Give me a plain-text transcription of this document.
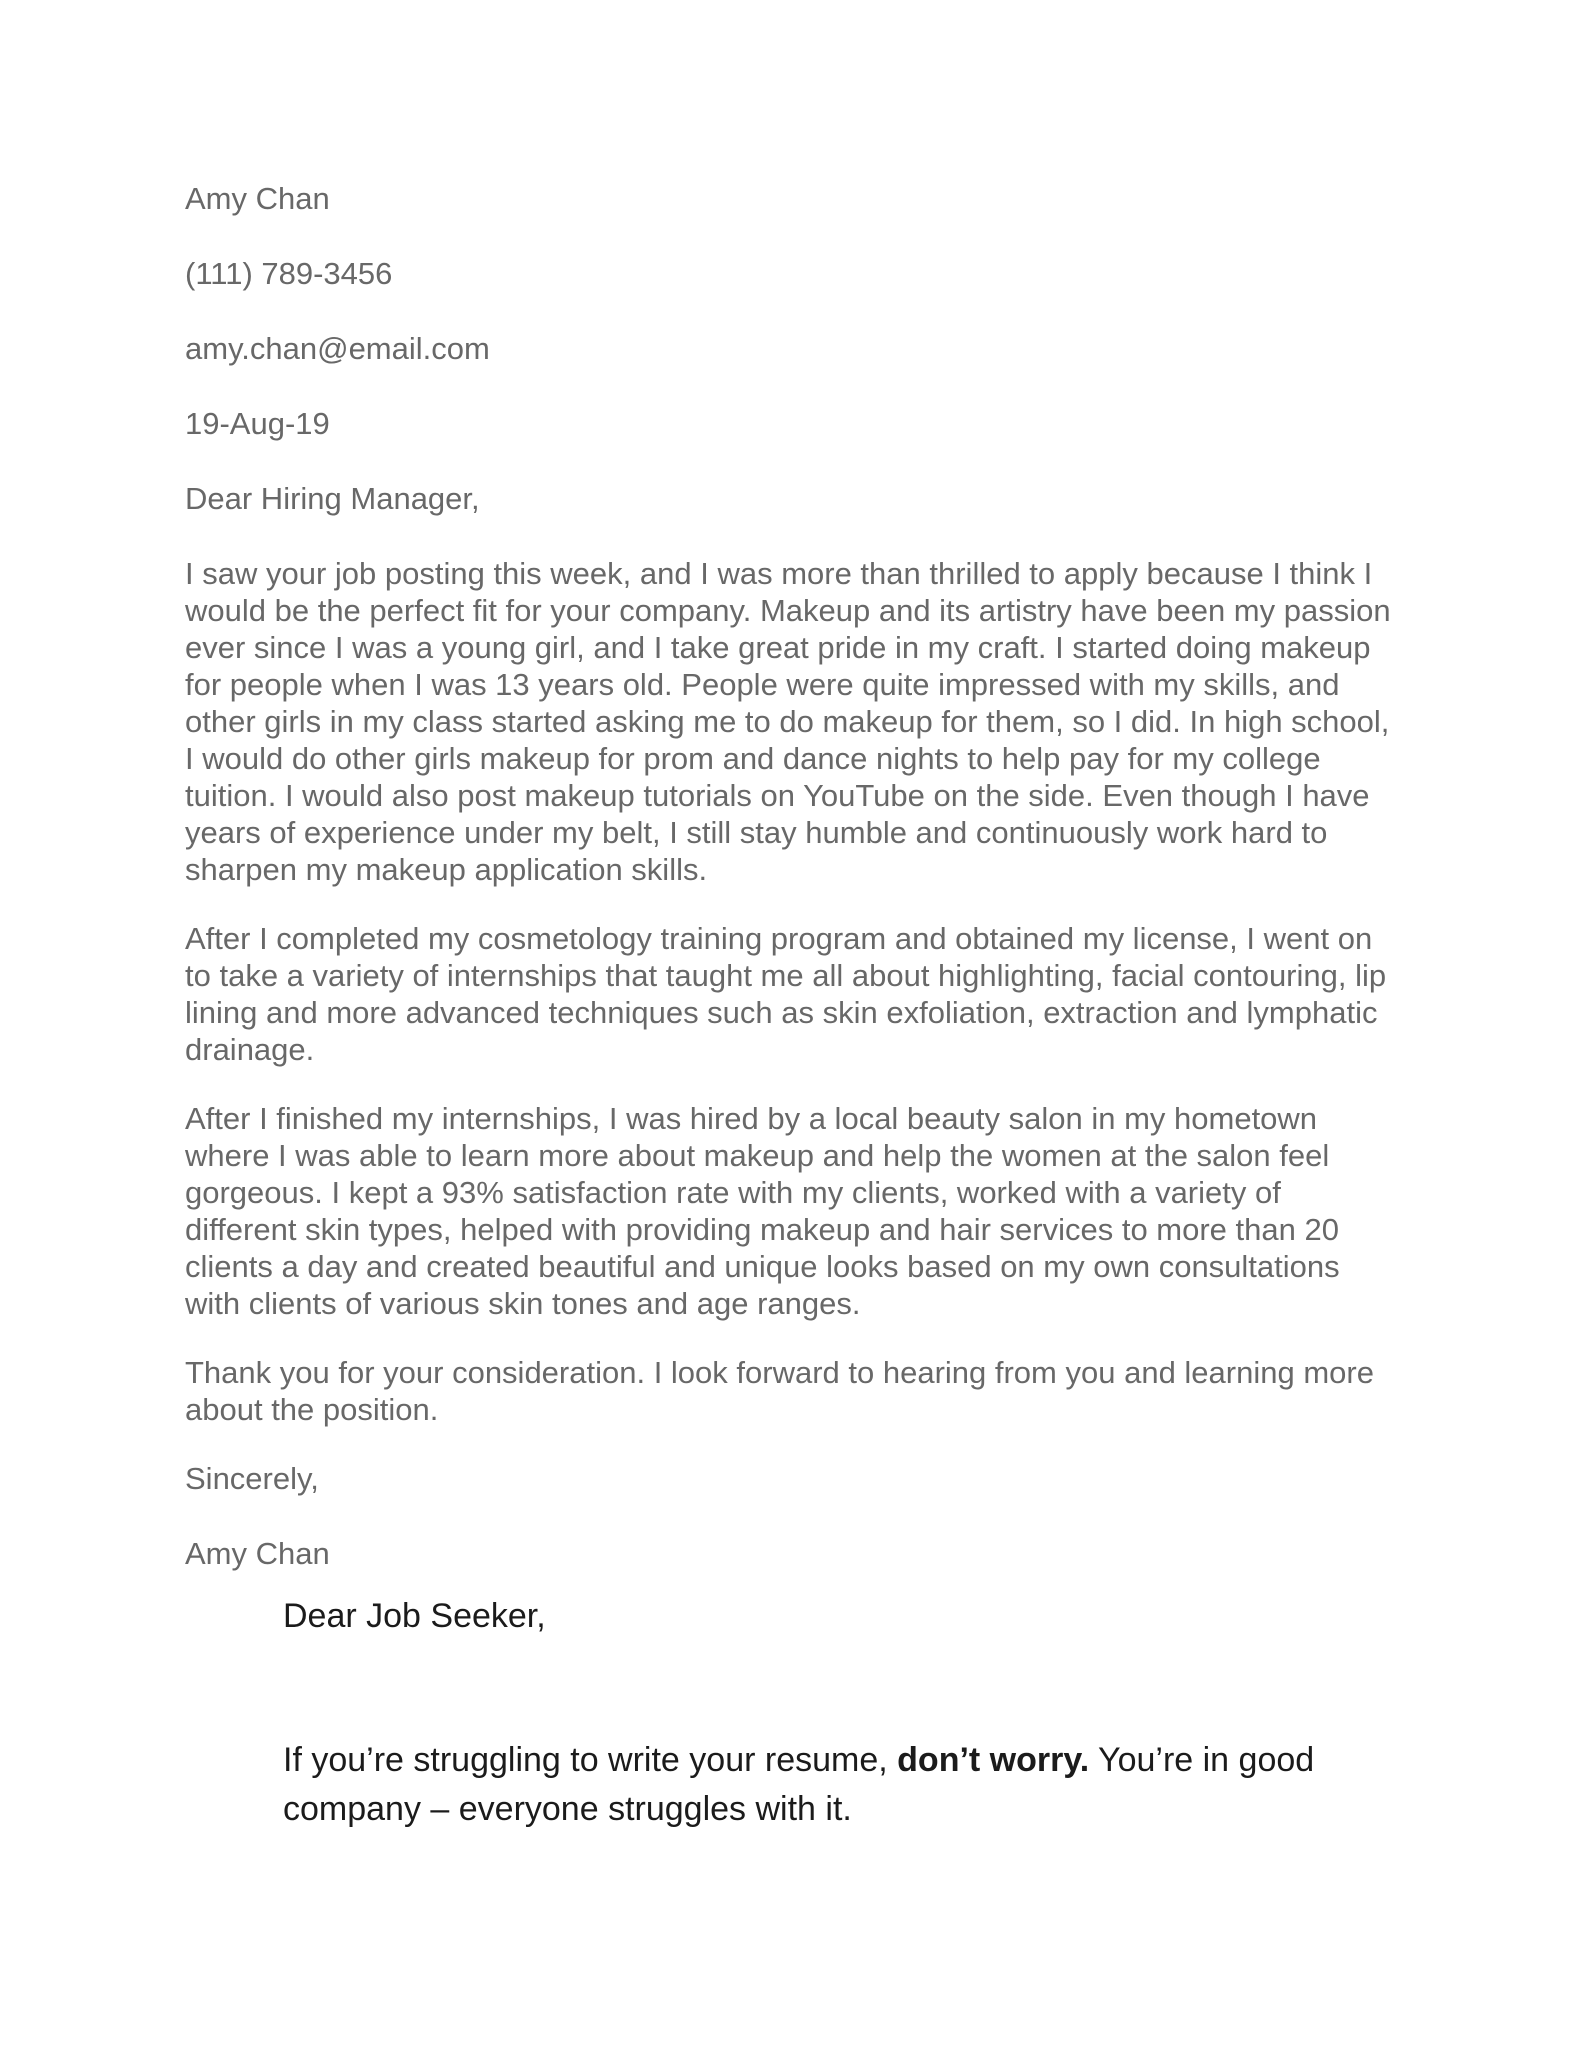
Amy Chan

(111) 789-3456

amy.chan@email.com

19-Aug-19

Dear Hiring Manager,

I saw your job posting this week, and I was more than thrilled to apply because I think I would be the perfect fit for your company. Makeup and its artistry have been my passion ever since I was a young girl, and I take great pride in my craft. I started doing makeup for people when I was 13 years old. People were quite impressed with my skills, and other girls in my class started asking me to do makeup for them, so I did. In high school, I would do other girls makeup for prom and dance nights to help pay for my college tuition. I would also post makeup tutorials on YouTube on the side. Even though I have years of experience under my belt, I still stay humble and continuously work hard to sharpen my makeup application skills.

After I completed my cosmetology training program and obtained my license, I went on to take a variety of internships that taught me all about highlighting, facial contouring, lip lining and more advanced techniques such as skin exfoliation, extraction and lymphatic drainage.

After I finished my internships, I was hired by a local beauty salon in my hometown where I was able to learn more about makeup and help the women at the salon feel gorgeous. I kept a 93% satisfaction rate with my clients, worked with a variety of different skin types, helped with providing makeup and hair services to more than 20 clients a day and created beautiful and unique looks based on my own consultations with clients of various skin tones and age ranges.

Thank you for your consideration. I look forward to hearing from you and learning more about the position.

Sincerely,

Amy Chan

Dear Job Seeker,

If you’re struggling to write your resume, don’t worry. You’re in good company – everyone struggles with it.
